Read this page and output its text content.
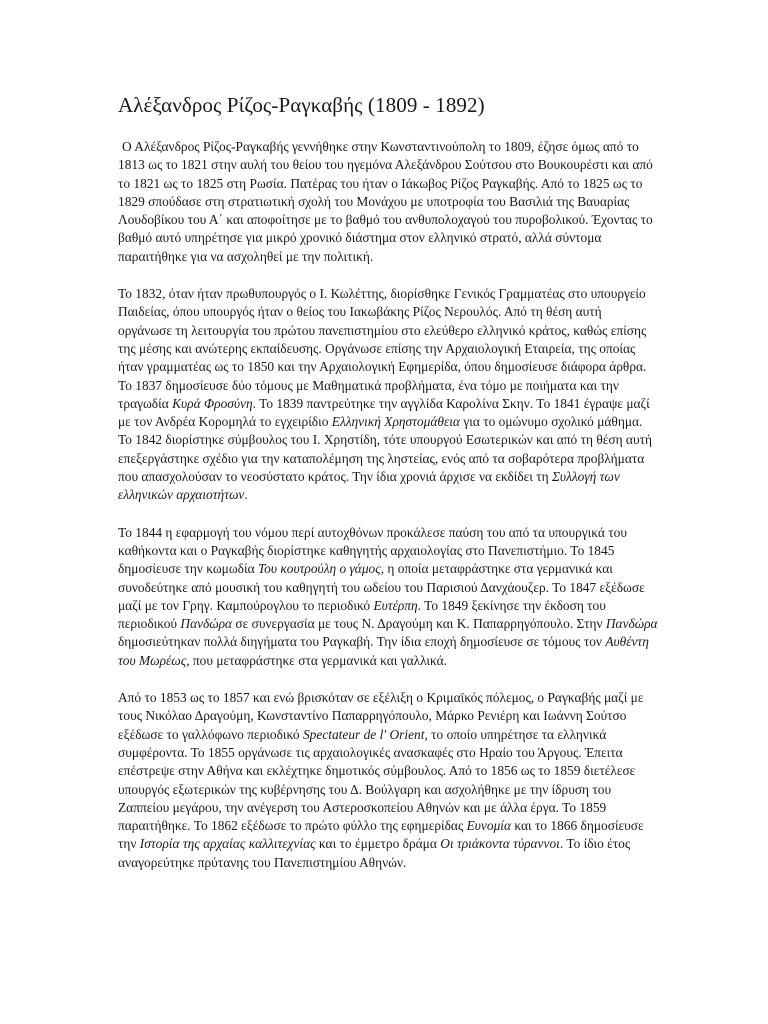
Αλέξανδρος Ρίζος-Ραγκαβής (1809 - 1892)

Ο Αλέξανδρος Ρίζος-Ραγκαβής γεννήθηκε στην Κωνσταντινούπολη το 1809, έζησε όμως από το 1813 ως το 1821 στην αυλή του θείου του ηγεμόνα Αλεξάνδρου Σούτσου στο Βουκουρέστι και από το 1821 ως το 1825 στη Ρωσία. Πατέρας του ήταν ο Ιάκωβος Ρίζος Ραγκαβής. Από το 1825 ως το 1829 σπούδασε στη στρατιωτική σχολή του Μονάχου με υποτροφία του Βασιλιά της Βαυαρίας Λουδοβίκου του Α΄ και αποφοίτησε με το βαθμό του ανθυπολοχαγού του πυροβολικού. Έχοντας το βαθμό αυτό υπηρέτησε για μικρό χρονικό διάστημα στον ελληνικό στρατό, αλλά σύντομα παραιτήθηκε για να ασχοληθεί με την πολιτική.

Το 1832, όταν ήταν πρωθυπουργός ο Ι. Κωλέττης, διορίσθηκε Γενικός Γραμματέας στο υπουργείο Παιδείας, όπου υπουργός ήταν ο θείος του Ιακωβάκης Ρίζος Νερουλός. Από τη θέση αυτή οργάνωσε τη λειτουργία του πρώτου πανεπιστημίου στο ελεύθερο ελληνικό κράτος, καθώς επίσης της μέσης και ανώτερης εκπαίδευσης. Οργάνωσε επίσης την Αρχαιολογική Εταιρεία, της οποίας ήταν γραμματέας ως το 1850 και την Αρχαιολογική Εφημερίδα, όπου δημοσίευσε διάφορα άρθρα. Το 1837 δημοσίευσε δύο τόμους με Μαθηματικά προβλήματα, ένα τόμο με ποιήματα και την τραγωδία Κυρά Φροσύνη. Το 1839 παντρεύτηκε την αγγλίδα Καρολίνα Σκην. Το 1841 έγραψε μαζί με τον Ανδρέα Κορομηλά το εγχειρίδιο Ελληνική Χρηστομάθεια για το ομώνυμο σχολικό μάθημα. Το 1842 διορίστηκε σύμβουλος του Ι. Χρηστίδη, τότε υπουργού Εσωτερικών και από τη θέση αυτή επεξεργάστηκε σχέδιο για την καταπολέμηση της ληστείας, ενός από τα σοβαρότερα προβλήματα που απασχολούσαν το νεοσύστατο κράτος. Την ίδια χρονιά άρχισε να εκδίδει τη Συλλογή των ελληνικών αρχαιοτήτων.

Το 1844 η εφαρμογή του νόμου περί αυτοχθόνων προκάλεσε παύση του από τα υπουργικά του καθήκοντα και ο Ραγκαβής διορίστηκε καθηγητής αρχαιολογίας στο Πανεπιστήμιο. Το 1845 δημοσίευσε την κωμωδία Του κουτρούλη ο γάμος, η οποία μεταφράστηκε στα γερμανικά και συνοδεύτηκε από μουσική του καθηγητή του ωδείου του Παρισιού Δανχάουζερ. Το 1847 εξέδωσε μαζί με τον Γρηγ. Καμπούρογλου το περιοδικό Ευτέρπη. Το 1849 ξεκίνησε την έκδοση του περιοδικού Πανδώρα σε συνεργασία με τους Ν. Δραγούμη και Κ. Παπαρρηγόπουλο. Στην Πανδώρα δημοσιεύτηκαν πολλά διηγήματα του Ραγκαβή. Την ίδια εποχή δημοσίευσε σε τόμους τον Αυθέντη του Μωρέως, που μεταφράστηκε στα γερμανικά και γαλλικά.

Από το 1853 ως το 1857 και ενώ βρισκόταν σε εξέλιξη ο Κριμαϊκός πόλεμος, ο Ραγκαβής μαζί με τους Νικόλαο Δραγούμη, Κωνσταντίνο Παπαρρηγόπουλο, Μάρκο Ρενιέρη και Ιωάννη Σούτσο εξέδωσε το γαλλόφωνο περιοδικό Spectateur de l' Orient, το οποίο υπηρέτησε τα ελληνικά συμφέροντα. Το 1855 οργάνωσε τις αρχαιολογικές ανασκαφές στο Ηραίο του Άργους. Έπειτα επέστρεψε στην Αθήνα και εκλέχτηκε δημοτικός σύμβουλος. Από το 1856 ως το 1859 διετέλεσε υπουργός εξωτερικών της κυβέρνησης του Δ. Βούλγαρη και ασχολήθηκε με την ίδρυση του Ζαππείου μεγάρου, την ανέγερση του Αστεροσκοπείου Αθηνών και με άλλα έργα. Το 1859 παραιτήθηκε. Το 1862 εξέδωσε το πρώτο φύλλο της εφημερίδας Ευνομία και το 1866 δημοσίευσε την Ιστορία της αρχαίας καλλιτεχνίας και το έμμετρο δράμα Οι τριάκοντα τύραννοι. Το ίδιο έτος αναγορεύτηκε πρύτανης του Πανεπιστημίου Αθηνών.
